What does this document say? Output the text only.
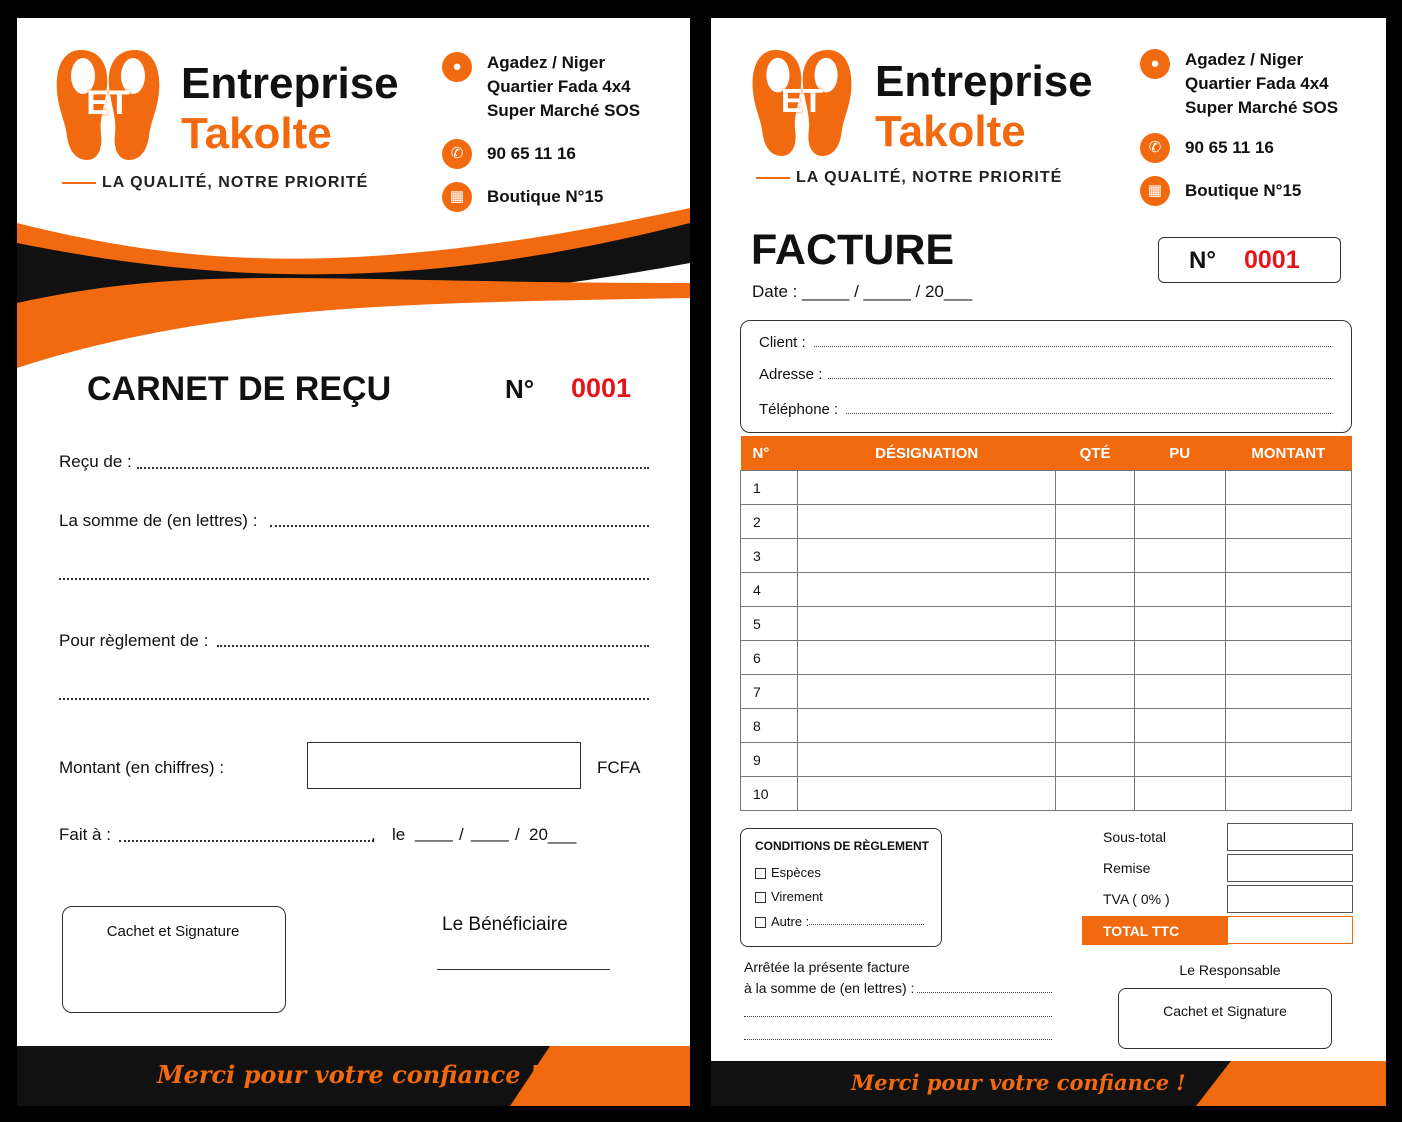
ET	Entreprise
Takolte
LA QUALITÉ, NOTRE PRIORITÉ
●	Agadez / Niger
Quartier Fada 4x4
Super Marché SOS
✆	90 65 11 16
▦	Boutique N°15
CARNET DE REÇU	N° 0001
Reçu de :
La somme de (en lettres) :
Pour règlement de :
Montant (en chiffres) :	FCFA
Fait à :	, le ____ / ____ / 20___
Cachet et Signature	Le Bénéficiaire
Merci pour votre confiance !
ET	Entreprise
Takolte
LA QUALITÉ, NOTRE PRIORITÉ
●	Agadez / Niger
Quartier Fada 4x4
Super Marché SOS
✆	90 65 11 16
▦	Boutique N°15
FACTURE
Date : _____ / _____ / 20___
N° 0001
Client :
Adresse :
Téléphone :
N°	DÉSIGNATION	QTÉ	PU	MONTANT
1				
2				
3				
4				
5				
6				
7				
8				
9				
10				
CONDITIONS DE RÈGLEMENT
Espèces
Virement
Autre :
Sous-total
Remise
TVA ( 0% )
TOTAL TTC
Arrêtée la présente facture
à la somme de (en lettres) :
Le Responsable
Cachet et Signature
Merci pour votre confiance !
